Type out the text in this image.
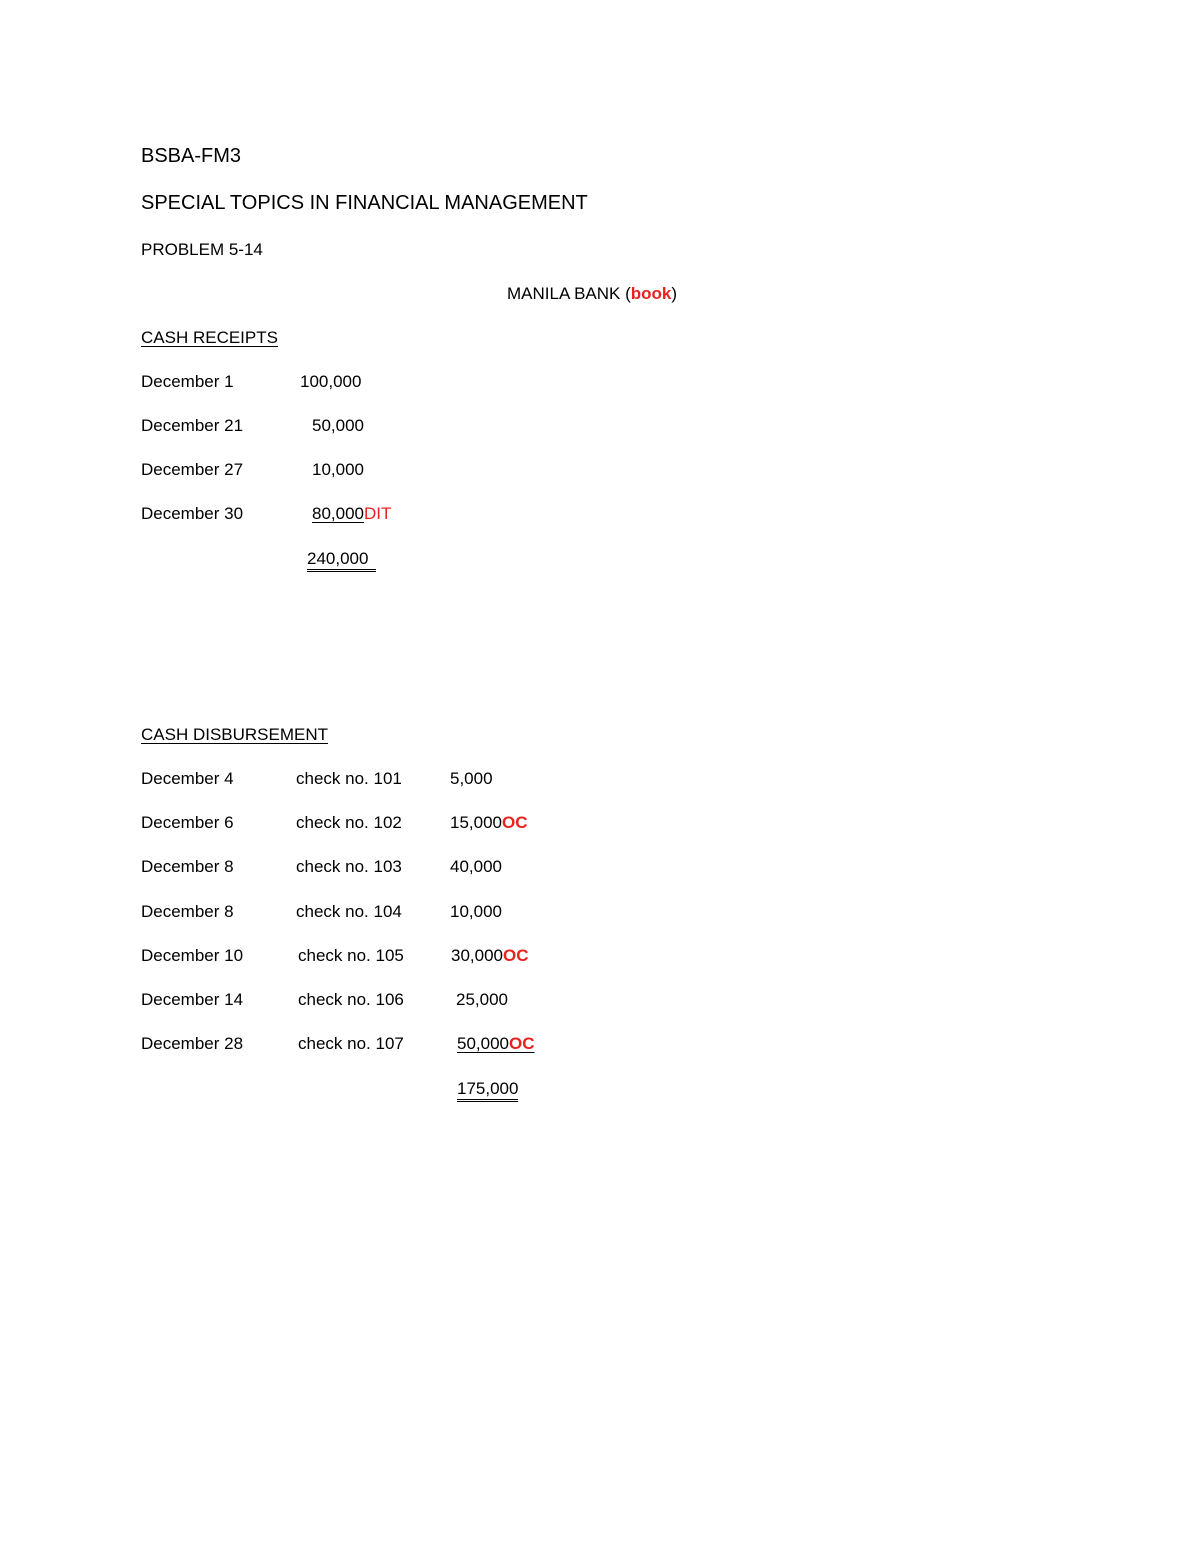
BSBA-FM3
SPECIAL TOPICS IN FINANCIAL MANAGEMENT
PROBLEM 5-14
MANILA BANK (book)
CASH RECEIPTS
December 1	100,000
December 21	50,000
December 27	10,000
December 30	80,000DIT
240,000
CASH DISBURSEMENT
December 4	check no. 101	5,000
December 6	check no. 102	15,000OC
December 8	check no. 103	40,000
December 8	check no. 104	10,000
December 10	check no. 105	30,000OC
December 14	check no. 106	25,000
December 28	check no. 107	50,000OC
175,000
